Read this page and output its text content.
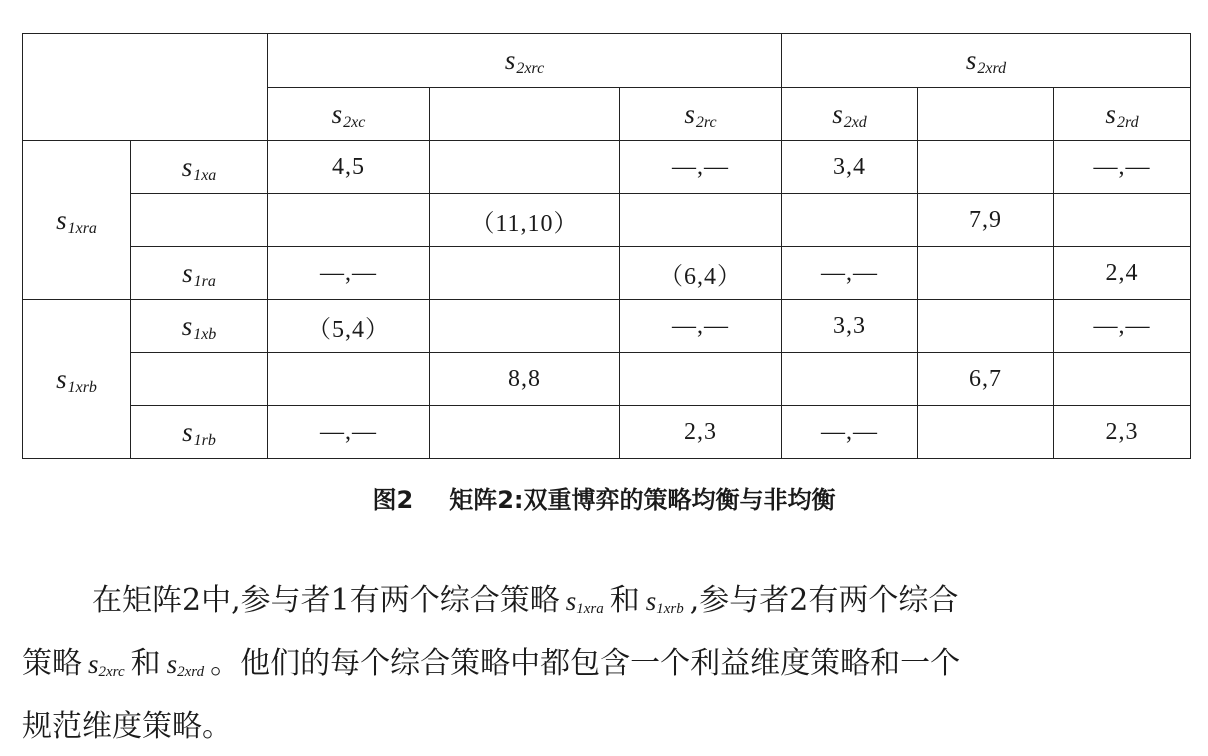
		$s_{2xrc}$			$s_{2xrd}$
		$s_{2xc}$		$s_{2rc}$	$s_{2xd}$		$s_{2rd}$
$s_{1xra}$	$s_{1xa}$	4,5		—,—	3,4		—,—
			（11,10）			7,9	
	$s_{1ra}$	—,—		（6,4）	—,—		2,4
$s_{1xrb}$	$s_{1xb}$	（5,4）		—,—	3,3		—,—
			8,8			6,7	
	$s_{1rb}$	—,—		2,3	—,—		2,3
图2 矩阵2:双重博弈的策略均衡与非均衡
在矩阵2中,参与者1有两个综合策略 $s_{1xra}$ 和 $s_{1xrb}$ ,参与者2有两个综合
策略 $s_{2xrc}$ 和 $s_{2xrd}$ 。他们的每个综合策略中都包含一个利益维度策略和一个
规范维度策略。
